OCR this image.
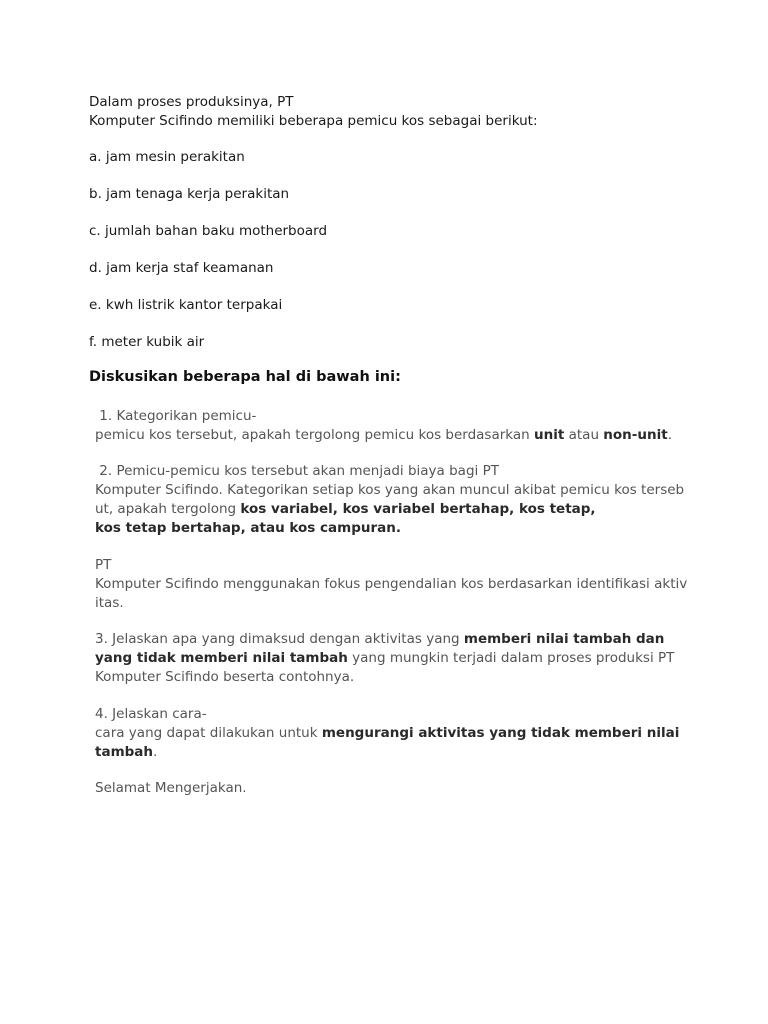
Dalam proses produksinya, PT

Komputer Scifindo memiliki beberapa pemicu kos sebagai berikut:

a. jam mesin perakitan
b. jam tenaga kerja perakitan
c. jumlah bahan baku motherboard
d. jam kerja staf keamanan
e. kwh listrik kantor terpakai
f. meter kubik air
Diskusikan beberapa hal di bawah ini:

1. Kategorikan pemicu-

pemicu kos tersebut, apakah tergolong pemicu kos berdasarkan unit atau non-unit.

2. Pemicu-pemicu kos tersebut akan menjadi biaya bagi PT

Komputer Scifindo. Kategorikan setiap kos yang akan muncul akibat pemicu kos terseb

ut, apakah tergolong kos variabel, kos variabel bertahap, kos tetap,

kos tetap bertahap, atau kos campuran.

PT

Komputer Scifindo menggunakan fokus pengendalian kos berdasarkan identifikasi aktiv

itas.

3. Jelaskan apa yang dimaksud dengan aktivitas yang memberi nilai tambah dan

yang tidak memberi nilai tambah yang mungkin terjadi dalam proses produksi PT

Komputer Scifindo beserta contohnya.

4. Jelaskan cara-

cara yang dapat dilakukan untuk mengurangi aktivitas yang tidak memberi nilai

tambah.

Selamat Mengerjakan.
